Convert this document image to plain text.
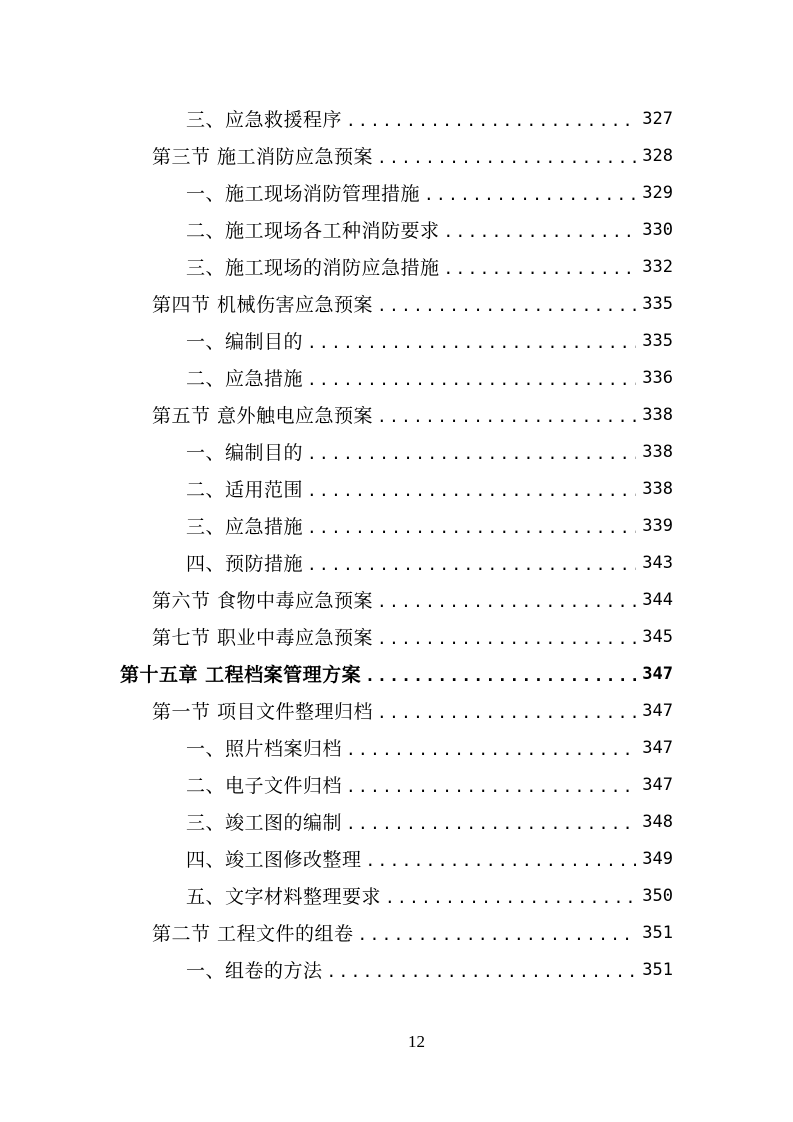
三、应急救援程序 .....	327
第三节 施工消防应急预案 .....	328
一、施工现场消防管理措施 .....	329
二、施工现场各工种消防要求 .....	330
三、施工现场的消防应急措施 .....	332
第四节 机械伤害应急预案 .....	335
一、编制目的 .....	335
二、应急措施 .....	336
第五节 意外触电应急预案 .....	338
一、编制目的 .....	338
二、适用范围 .....	338
三、应急措施 .....	339
四、预防措施 .....	343
第六节 食物中毒应急预案 .....	344
第七节 职业中毒应急预案 .....	345
第十五章 工程档案管理方案 .....	347
第一节 项目文件整理归档 .....	347
一、照片档案归档 .....	347
二、电子文件归档 .....	347
三、竣工图的编制 .....	348
四、竣工图修改整理 .....	349
五、文字材料整理要求 .....	350
第二节 工程文件的组卷 .....	351
一、组卷的方法 .....	351
12
